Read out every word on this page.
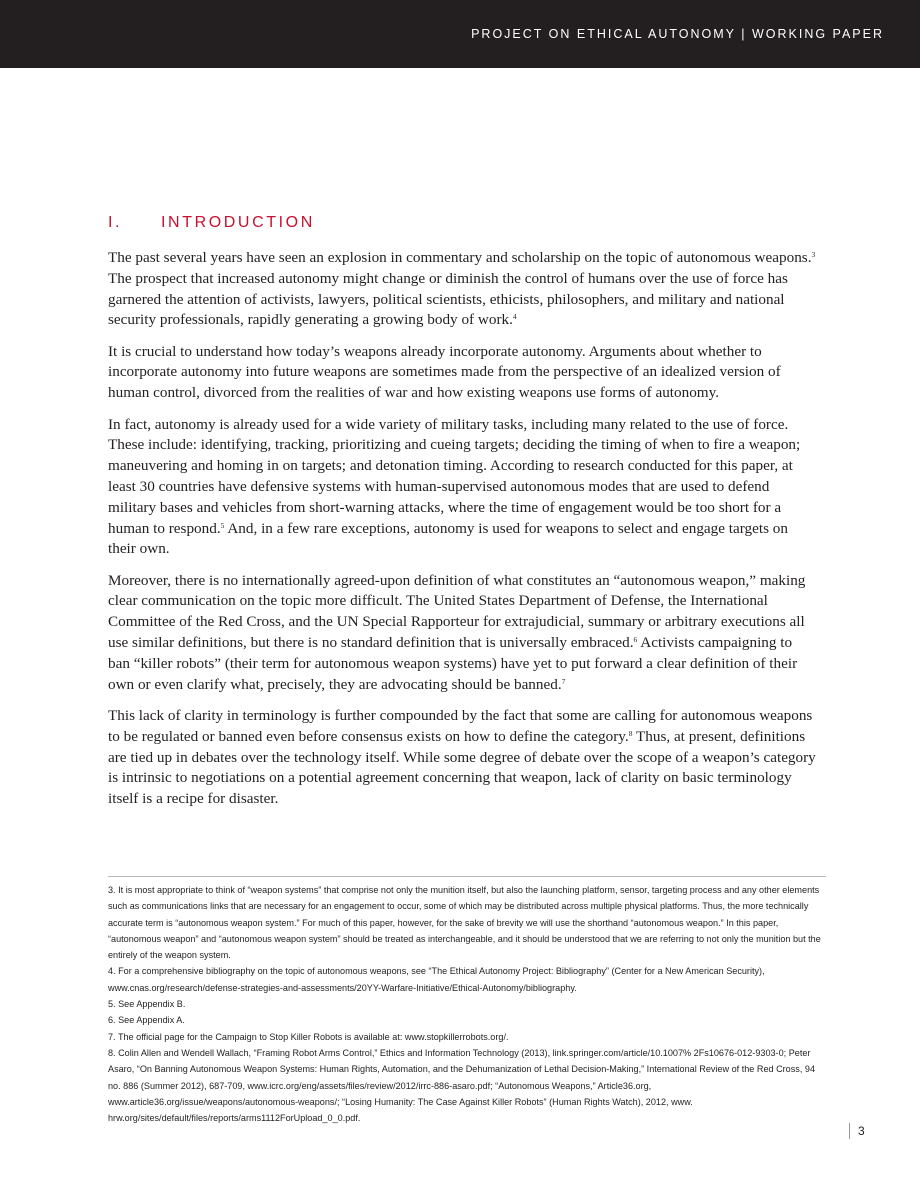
PROJECT ON ETHICAL AUTONOMY | WORKING PAPER
I.	INTRODUCTION

The past several years have seen an explosion in commentary and scholarship on the topic of autonomous weapons.$^3$ The prospect that increased autonomy might change or diminish the control of humans over the use of force has garnered the attention of activists, lawyers, political scientists, ethicists, philosophers, and military and national security professionals, rapidly generating a growing body of work.$^4$

It is crucial to understand how today’s weapons already incorporate autonomy. Arguments about whether to incorporate autonomy into future weapons are sometimes made from the perspective of an idealized version of human control, divorced from the realities of war and how existing weapons use forms of autonomy.

In fact, autonomy is already used for a wide variety of military tasks, including many related to the use of force. These include: identifying, tracking, prioritizing and cueing targets; deciding the timing of when to fire a weapon; maneuvering and homing in on targets; and detonation timing. According to research conducted for this paper, at least 30 countries have defensive systems with human-supervised autonomous modes that are used to defend military bases and vehicles from short-warning attacks, where the time of engagement would be too short for a human to respond.$^5$ And, in a few rare exceptions, autonomy is used for weapons to select and engage targets on their own.

Moreover, there is no internationally agreed-upon definition of what constitutes an “autonomous weapon,” making clear communication on the topic more difficult. The United States Department of Defense, the International Committee of the Red Cross, and the UN Special Rapporteur for extrajudicial, summary or arbitrary executions all use similar definitions, but there is no standard definition that is universally embraced.$^6$ Activists campaigning to ban “killer robots” (their term for autonomous weapon systems) have yet to put forward a clear definition of their own or even clarify what, precisely, they are advocating should be banned.$^7$

This lack of clarity in terminology is further compounded by the fact that some are calling for autonomous weapons to be regulated or banned even before consensus exists on how to define the category.$^8$ Thus, at present, definitions are tied up in debates over the technology itself. While some degree of debate over the scope of a weapon’s category is intrinsic to negotiations on a potential agreement concerning that weapon, lack of clarity on basic terminology itself is a recipe for disaster.

3. It is most appropriate to think of “weapon systems” that comprise not only the munition itself, but also the launching platform, sensor, targeting process and any other elements such as communications links that are necessary for an engagement to occur, some of which may be distributed across multiple physical platforms. Thus, the more technically accurate term is “autonomous weapon system.” For much of this paper, however, for the sake of brevity we will use the shorthand “autonomous weapon.” In this paper, “autonomous weapon” and “autonomous weapon system” should be treated as interchangeable, and it should be understood that we are referring to not only the munition but the entirely of the weapon system.

4. For a comprehensive bibliography on the topic of autonomous weapons, see “The Ethical Autonomy Project: Bibliography” (Center for a New American Security), www.cnas.org/research/defense-strategies-and-assessments/20YY-Warfare-Initiative/Ethical-Autonomy/bibliography.

5. See Appendix B.

6. See Appendix A.

7. The official page for the Campaign to Stop Killer Robots is available at: www.stopkillerrobots.org/.

8. Colin Allen and Wendell Wallach, “Framing Robot Arms Control,” Ethics and Information Technology (2013), link.springer.com/article/10.1007% 2Fs10676-012-9303-0; Peter Asaro, “On Banning Autonomous Weapon Systems: Human Rights, Automation, and the Dehumanization of Lethal Decision-Making,” International Review of the Red Cross, 94 no. 886 (Summer 2012), 687-709, www.icrc.org/eng/assets/files/review/2012/irrc-886-asaro.pdf; “Autonomous Weapons,” Article36.org, www.article36.org/issue/weapons/autonomous-weapons/; “Losing Humanity: The Case Against Killer Robots” (Human Rights Watch), 2012, www. hrw.org/sites/default/files/reports/arms1112ForUpload_0_0.pdf.

3
